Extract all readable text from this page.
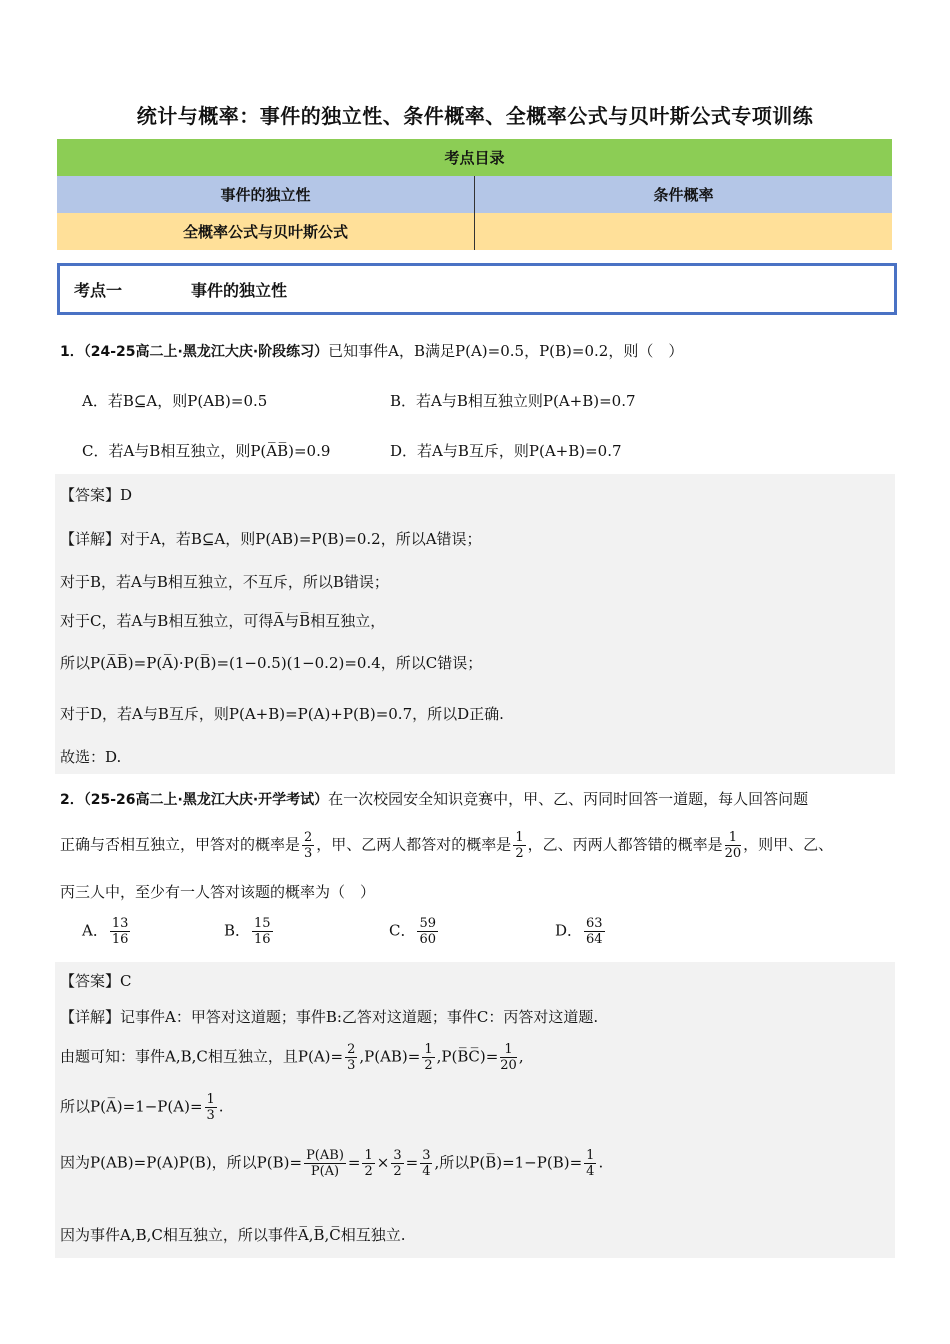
统计与概率：事件的独立性、条件概率、全概率公式与贝叶斯公式专项训练
考点目录
事件的独立性	条件概率
全概率公式与贝叶斯公式
考点一	事件的独立性
1．（24-25高二上·黑龙江大庆·阶段练习）已知事件A，B满足P(A)=0.5，P(B)=0.2，则（　）
A．若B⊆A，则P(AB)=0.5	B．若A与B相互独立则P(A+B)=0.7
C．若A与B相互独立，则P(A̅B̅)=0.9	D．若A与B互斥，则P(A+B)=0.7
【答案】D
【详解】对于A，若B⊆A，则P(AB)=P(B)=0.2，所以A错误；
对于B，若A与B相互独立，不互斥，所以B错误；
对于C，若A与B相互独立，可得A̅与B̅相互独立，
所以P(A̅B̅)=P(A̅)·P(B̅)=(1−0.5)(1−0.2)=0.4，所以C错误；
对于D，若A与B互斥，则P(A+B)=P(A)+P(B)=0.7，所以D正确.
故选：D.
2．（25-26高二上·黑龙江大庆·开学考试）在一次校园安全知识竞赛中，甲、乙、丙同时回答一道题，每人回答问题
正确与否相互独立，甲答对的概率是 $\frac{2}{3}$ ，甲、乙两人都答对的概率是 $\frac{1}{2}$ ，乙、丙两人都答错的概率是 $\frac{1}{20}$ ，则甲、乙、
丙三人中，至少有一人答对该题的概率为（　）
A． $\frac{13}{16}$	B． $\frac{15}{16}$	C． $\frac{59}{60}$	D． $\frac{63}{64}$
【答案】C
【详解】记事件A：甲答对这道题；事件B:乙答对这道题；事件C：丙答对这道题.
由题可知：事件A,B,C相互独立，且$P(A)= \frac{2}{3} ,P(AB)= \frac{1}{2}$ ,P(B̅C̅)= $\frac{1}{20}$ ,
所以P(A̅)=1−P(A)= $\frac{1}{3}$ .
因为P(AB)=P(A)P(B)，所以$P(B)= \frac{P(AB)}{P(A)} = \frac{1}{2} \times \frac{3}{2} = \frac{3}{4}$ ,所以P(B̅)=1−P(B)= $\frac{1}{4}$ .
因为事件A,B,C相互独立，所以事件A̅,B̅,C̅相互独立.
